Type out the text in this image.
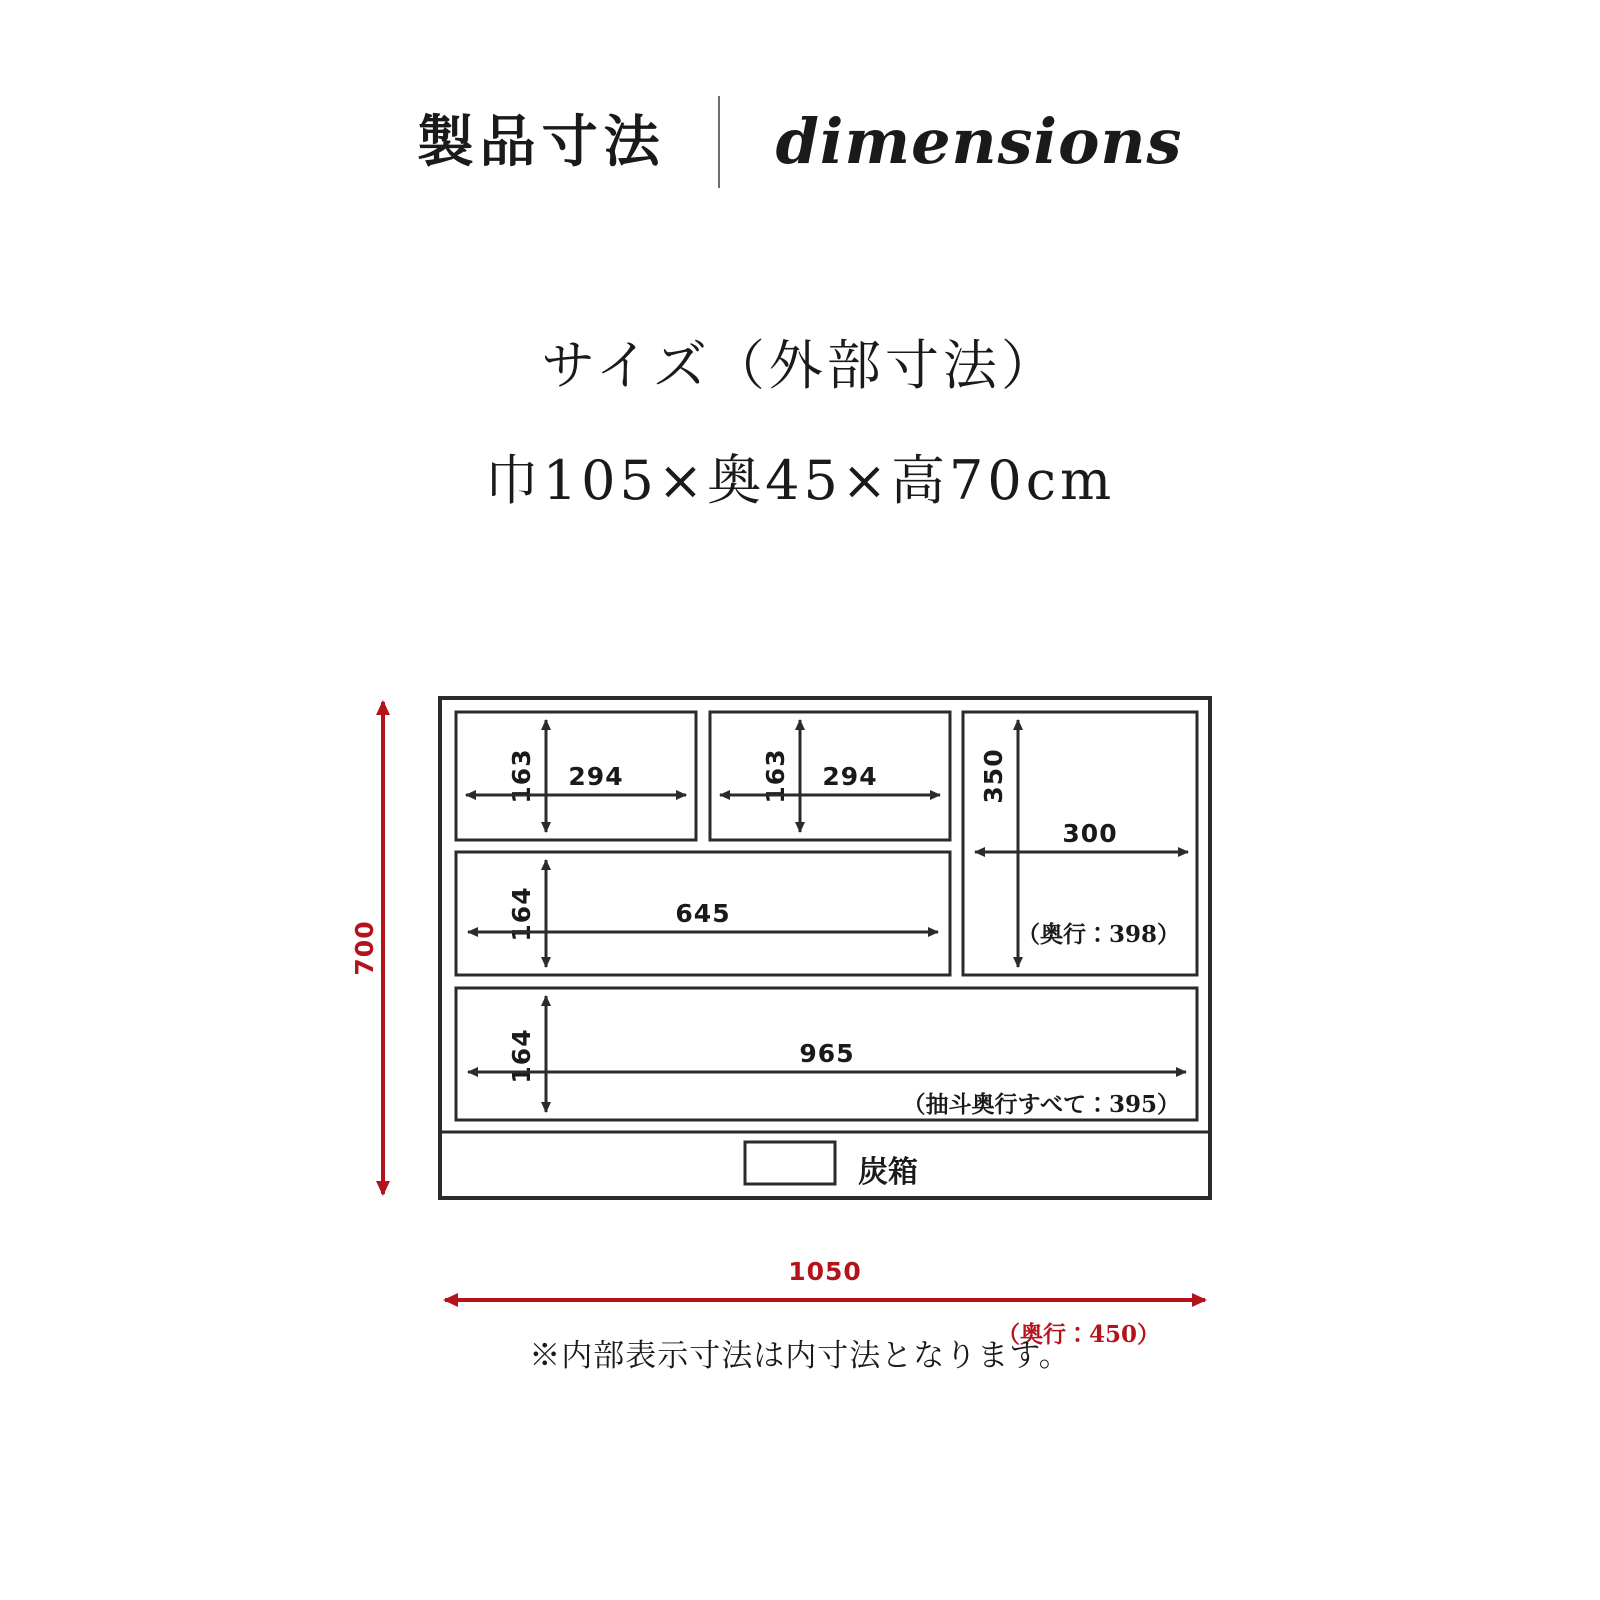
製品寸法	dimensions
サイズ（外部寸法）
巾105×奥45×高70cm
700
163 294	163 294	350
300
（奥行：398）
164	645
164	965
（抽斗奥行すべて：395）
炭箱
1050
（奥行：450）
※内部表示寸法は内寸法となります。
